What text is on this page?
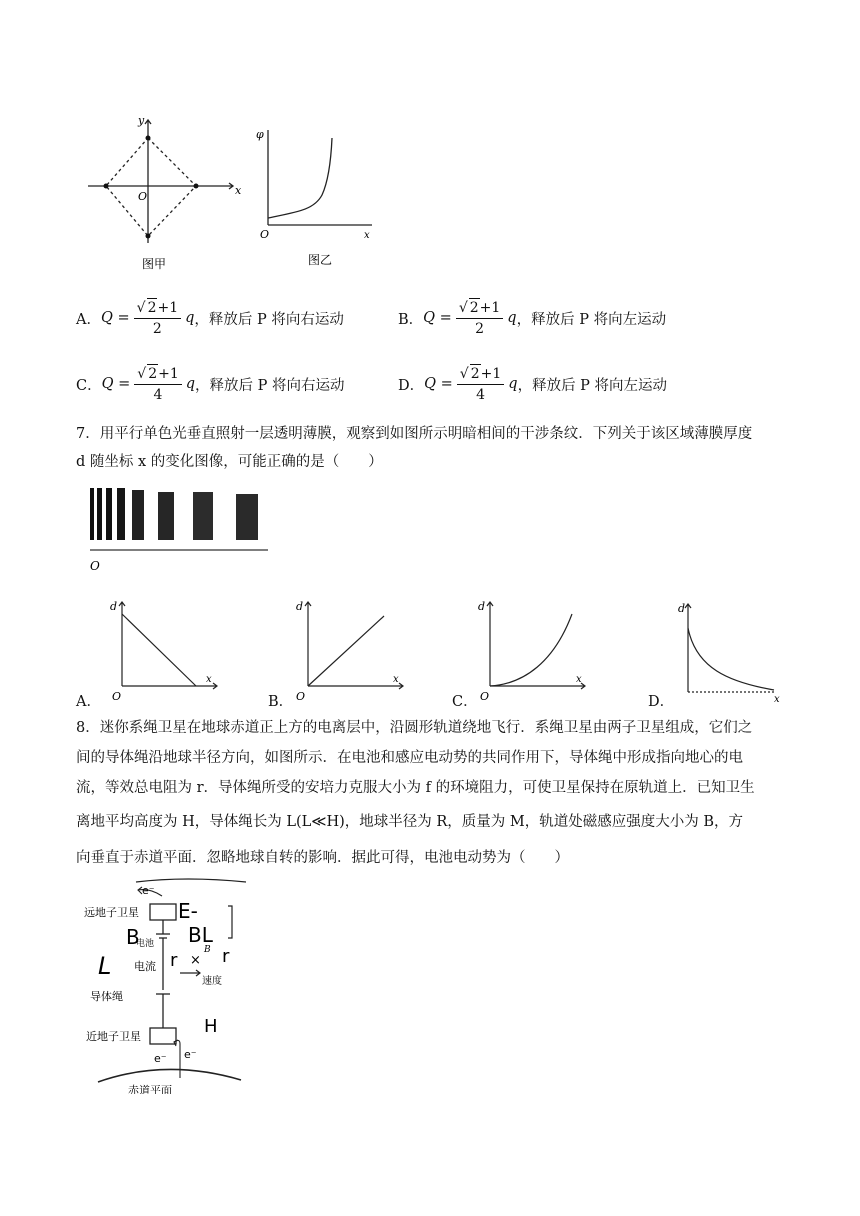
x
y
O
图甲
φ
x
O
图乙
A． $Q = \frac{√ 2+1}{2}$ q ，释放后 P 将向右运动	B． $Q = \frac{√ 2+1}{2}$ q ，释放后 P 将向左运动
C． $Q = \frac{√ 2+1}{4}$ q ，释放后 P 将向右运动	D． $Q = \frac{√ 2+1}{4}$ q ，释放后 P 将向左运动
7．用平行单色光垂直照射一层透明薄膜，观察到如图所示明暗相间的干涉条纹．下列关于该区域薄膜厚度
d 随坐标 x 的变化图像，可能正确的是（　　）
O
A．
d
x
O	B．
d
x
O	C．
d
x
O	D．
d
x
8．迷你系绳卫星在地球赤道正上方的电离层中，沿圆形轨道绕地飞行．系绳卫星由两子卫星组成，它们之
间的导体绳沿地球半径方向，如图所示．在电池和感应电动势的共同作用下，导体绳中形成指向地心的电
流，等效总电阻为 r．导体绳所受的安培力克服大小为 f 的环境阻力，可使卫星保持在原轨道上．已知卫生
离地平均高度为 H，导体绳长为 L(L≪H)，地球半径为 R，质量为 M，轨道处磁感应强度大小为 B，方
向垂直于赤道平面．忽略地球自转的影响．据此可得，电池电动势为（　　）
远地子卫星
电池
电流
导体绳
近地子卫星
速度
赤道平面
e⁻
e⁻ e⁻
B
×
E-
BL
B
L	r r
H
